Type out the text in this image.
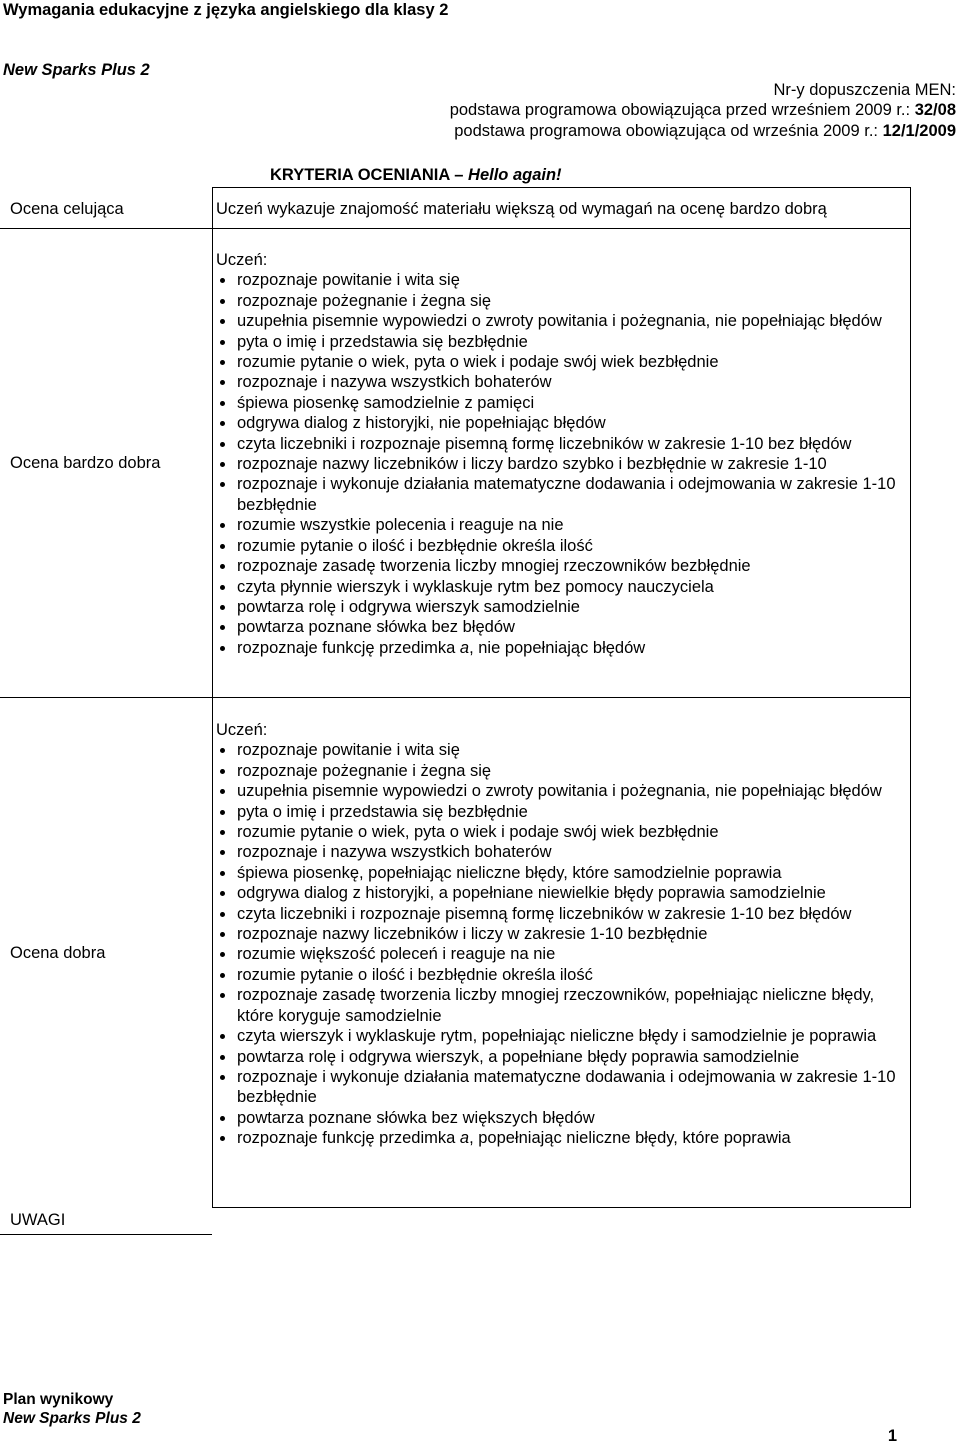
Wymagania edukacyjne z języka angielskiego dla klasy 2
New Sparks Plus 2
Nr-y dopuszczenia MEN:
podstawa programowa obowiązująca przed wrześniem 2009 r.: 32/08
podstawa programowa obowiązująca od września 2009 r.: 12/1/2009
KRYTERIA OCENIANIA – Hello again!
Ocena celująca	Uczeń wykazuje znajomość materiału większą od wymagań na ocenę bardzo dobrą
Ocena bardzo dobra

Uczeń:

rozpoznaje powitanie i wita się
rozpoznaje pożegnanie i żegna się
uzupełnia pisemnie wypowiedzi o zwroty powitania i pożegnania, nie popełniając błędów
pyta o imię i przedstawia się bezbłędnie
rozumie pytanie o wiek, pyta o wiek i podaje swój wiek bezbłędnie
rozpoznaje i nazywa wszystkich bohaterów
śpiewa piosenkę samodzielnie z pamięci
odgrywa dialog z historyjki, nie popełniając błędów
czyta liczebniki i rozpoznaje pisemną formę liczebników w zakresie 1-10 bez błędów
rozpoznaje nazwy liczebników i liczy bardzo szybko i bezbłędnie w zakresie 1-10
rozpoznaje i wykonuje działania matematyczne dodawania i odejmowania w zakresie 1-10 bezbłędnie
rozumie wszystkie polecenia i reaguje na nie
rozumie pytanie o ilość i bezbłędnie określa ilość
rozpoznaje zasadę tworzenia liczby mnogiej rzeczowników bezbłędnie
czyta płynnie wierszyk i wyklaskuje rytm bez pomocy nauczyciela
powtarza rolę i odgrywa wierszyk samodzielnie
powtarza poznane słówka bez błędów
rozpoznaje funkcję przedimka a, nie popełniając błędów
Ocena dobra

Uczeń:

rozpoznaje powitanie i wita się
rozpoznaje pożegnanie i żegna się
uzupełnia pisemnie wypowiedzi o zwroty powitania i pożegnania, nie popełniając błędów
pyta o imię i przedstawia się bezbłędnie
rozumie pytanie o wiek, pyta o wiek i podaje swój wiek bezbłędnie
rozpoznaje i nazywa wszystkich bohaterów
śpiewa piosenkę, popełniając nieliczne błędy, które samodzielnie poprawia
odgrywa dialog z historyjki, a popełniane niewielkie błędy poprawia samodzielnie
czyta liczebniki i rozpoznaje pisemną formę liczebników w zakresie 1-10 bez błędów
rozpoznaje nazwy liczebników i liczy w zakresie 1-10 bezbłędnie
rozumie większość poleceń i reaguje na nie
rozumie pytanie o ilość i bezbłędnie określa ilość
rozpoznaje zasadę tworzenia liczby mnogiej rzeczowników, popełniając nieliczne błędy, które koryguje samodzielnie
czyta wierszyk i wyklaskuje rytm, popełniając nieliczne błędy i samodzielnie je poprawia
powtarza rolę i odgrywa wierszyk, a popełniane błędy poprawia samodzielnie
rozpoznaje i wykonuje działania matematyczne dodawania i odejmowania w zakresie 1-10 bezbłędnie
powtarza poznane słówka bez większych błędów
rozpoznaje funkcję przedimka a, popełniając nieliczne błędy, które poprawia
UWAGI
Plan wynikowy
New Sparks Plus 2
1
